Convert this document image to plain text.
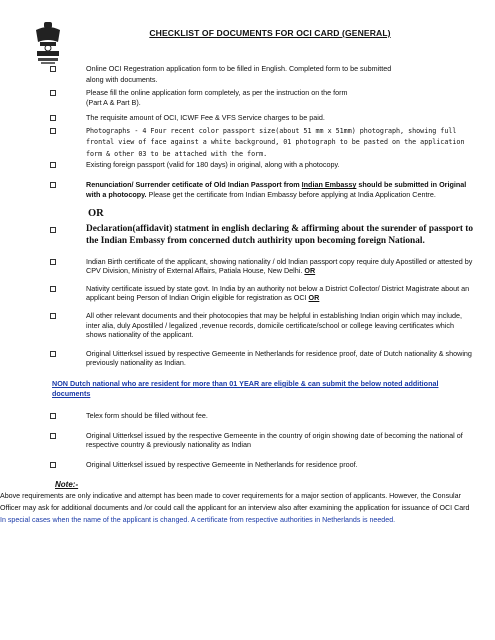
CHECKLIST OF DOCUMENTS FOR OCI CARD (GENERAL)
Online OCI Regestration application form to be filled in English. Completed form to be submitted
along with documents.
Please fill the online application form completely, as per the instruction on the form
(Part A & Part B).
The requisite amount of OCI, ICWF Fee & VFS Service charges to be paid.
Photographs - 4 Four recent color passport size(about 51 mm x 51mm) photograph, showing full
frontal view of face against a white background, 01 photograph to be pasted on the application
form & other 03 to be attached with the form.
Existing foreign passport (valid for 180 days) in original, along with a photocopy.
Renunciation/ Surrender cetificate of Old Indian Passport from Indian Embassy should be submitted in Original with a photocopy. Please get the certificate from Indian Embassy before applying at India Application Centre.
OR
Declaration(affidavit) statment in english declaring & affirming about the surender of passport to the Indian Embassy from concerned dutch authirity upon becoming foreign National.
Indian Birth certificate of the applicant, showing nationality / old Indian passport copy require duly Apostilled or attested by CPV Division, Ministry of External Affairs, Patiala House, New Delhi. OR
Nativity certificate issued by state govt. In India by an authority not below a District Collector/ District Magistrate about an applicant being Person of Indian Origin eligible for registration as OCI OR
All other relevant documents and their photocopies that may be helpful in establishing Indian origin which may include, inter alia, duly Apostilled / legalized ,revenue records, domicile certificate/school or college leaving certificates which shows nationality of the applicant.
Original Uitterksel issued by respective Gemeente in Netherlands for residence proof, date of Dutch nationality & showing previously nationality as Indian.
NON Dutch national who are resident for more than 01 YEAR are eligible & can submit the below noted additional documents
Telex form should be filled without fee.
Original Uitterksel issued by the respective Gemeente in the country of origin showing date of becoming the national of respective country & previously nationality as Indian
Original Uitterksel issued by respective Gemeente in Netherlands for residence proof.
Note:-
Above requirements are only indicative and attempt has been made to cover requirements for a major section of applicants. However, the Consular Officer may ask for additional documents and /or could call the applicant for an interview also after examining the application for issuance of OCI Card
In special cases when the name of the applicant is changed. A certificate from respective authorities in Netherlands is needed.
